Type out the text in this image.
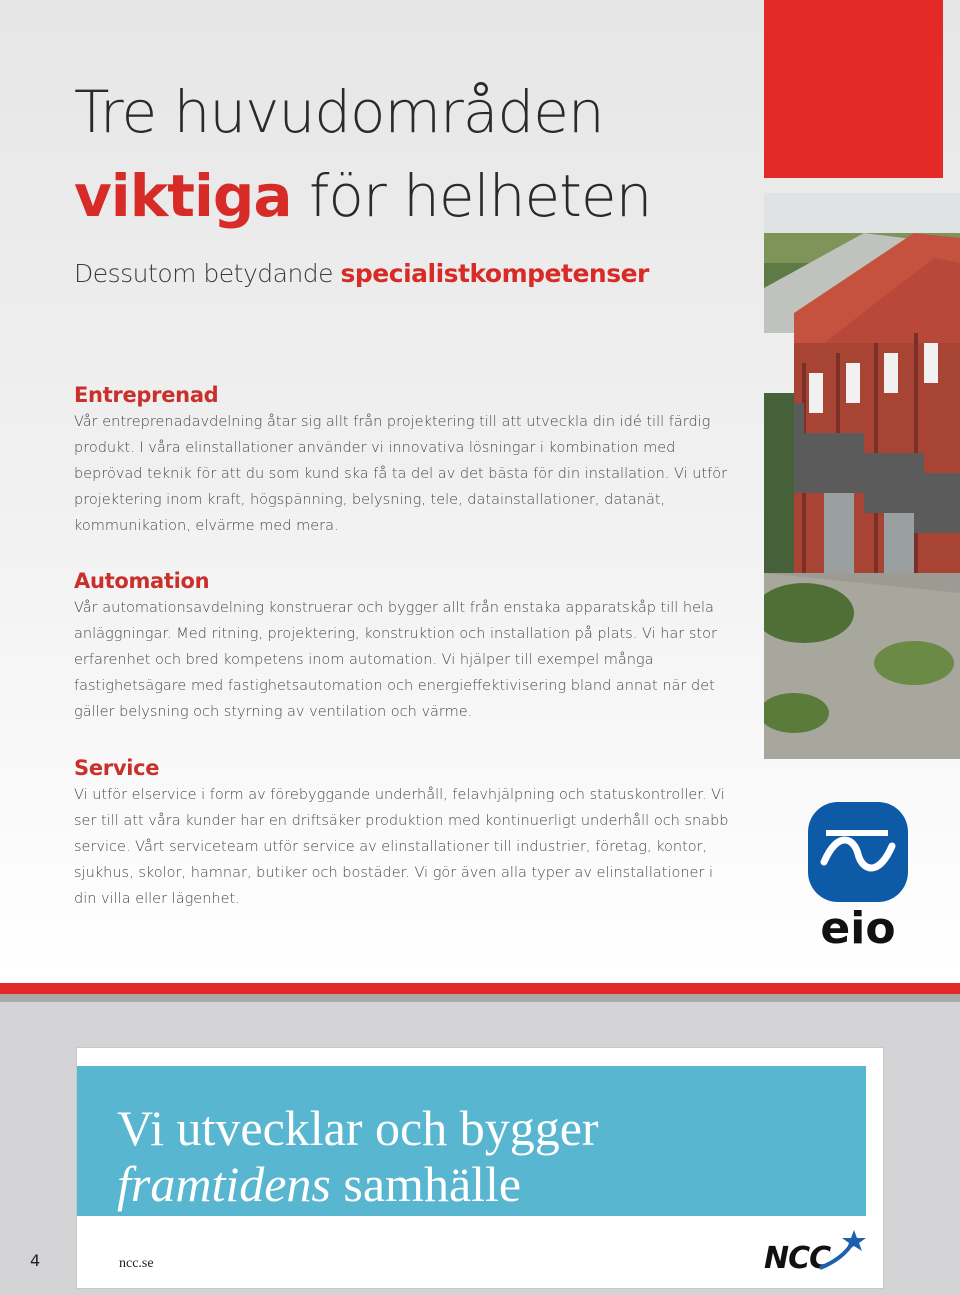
Tre huvudområden
viktiga för helheten

Dessutom betydande specialistkompetenser

Entreprenad

Vår entreprenadavdelning åtar sig allt från projektering till att utveckla din idé till färdig produkt. I våra elinstallationer använder vi innovativa lösningar i kombination med beprövad teknik för att du som kund ska få ta del av det bästa för din installation. Vi utför projektering inom kraft, högspänning, belysning, tele, datainstallationer, datanät, kommunikation, elvärme med mera.

Automation

Vår automationsavdelning konstruerar och bygger allt från enstaka apparatskåp till hela anläggningar. Med ritning, projektering, konstruktion och installation på plats. Vi har stor erfarenhet och bred kompetens inom automation. Vi hjälper till exempel många fastighetsägare med fastighetsautomation och energieffektivisering bland annat när det gäller belysning och styrning av ventilation och värme.

Service

Vi utför elservice i form av förebyggande underhåll, felavhjälpning och statuskontroller. Vi ser till att våra kunder har en driftsäker produktion med kontinuerligt underhåll och snabb service. Vårt serviceteam utför service av elinstallationer till industrier, företag, kontor, sjukhus, skolor, hamnar, butiker och bostäder. Vi gör även alla typer av elinstallationer i din villa eller lägenhet.

eio

Vi utvecklar och bygger

framtidens samhälle

ncc.se	NCC
4
